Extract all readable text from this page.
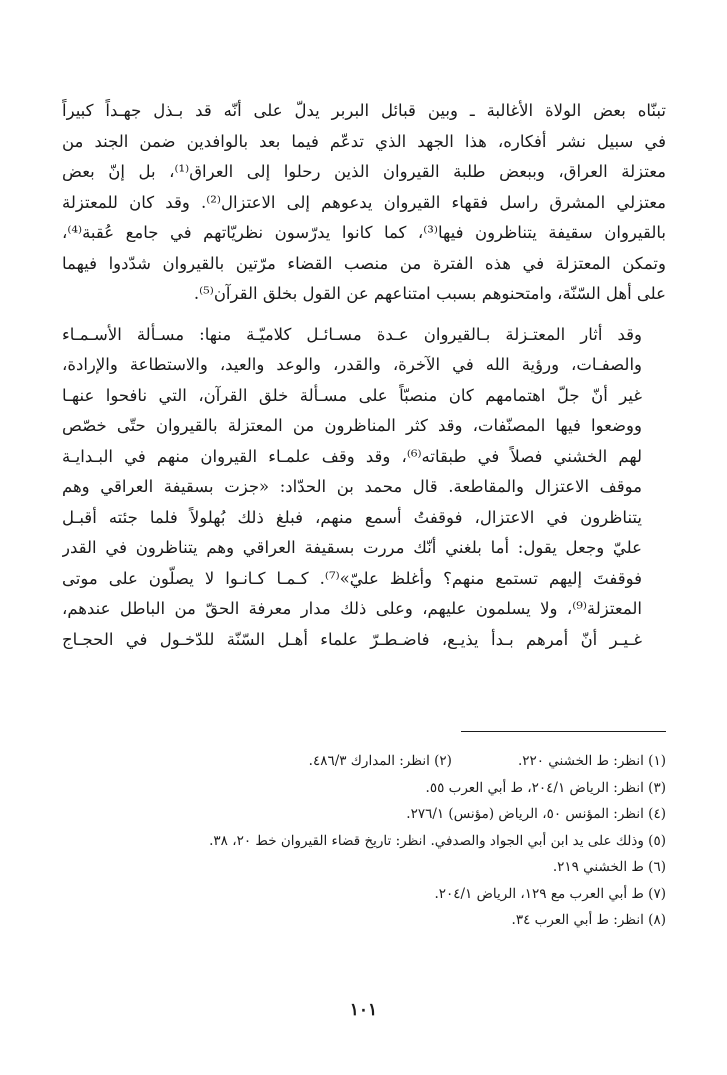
تبنّاه بعض الولاة الأغالبة ـ وبين قبائل البربر يدلّ على أنّه قد بـذل جهـداً كبيراً
في سبيل نشر أفكاره، هذا الجهد الذي تدعّم فيما بعد بالوافدين ضمن الجند من
معتزلة العراق، وببعض طلبة القيروان الذين رحلوا إلى العراق⁽¹⁾، بل إنّ بعض
معتزلي المشرق راسل فقهاء القيروان يدعوهم إلى الاعتزال⁽²⁾. وقد كان للمعتزلة
بالقيروان سقيفة يتناظرون فيها⁽³⁾، كما كانوا يدرّسون نظريّاتهم في جامع عُقبة⁽⁴⁾،
وتمكن المعتزلة في هذه الفترة من منصب القضاء مرّتين بالقيروان شدّدوا فيهما
على أهل السّنّة، وامتحنوهم بسبب امتناعهم عن القول بخلق القرآن⁽⁵⁾.

وقد أثار المعتـزلة بـالقيروان عـدة مسـائـل كلاميّـة منها: مسـألة الأسـمـاء
والصفـات، ورؤية الله في الآخرة، والقدر، والوعد والعيد، والاستطاعة والإرادة،
غير أنّ جلّ اهتمامهم كان منصبّاً على مسـألة خلق القرآن، التي نافحوا عنهـا
ووضعوا فيها المصنّفات، وقد كثر المناظرون من المعتزلة بالقيروان حتّى خصّص
لهم الخشني فصلاً في طبقاته⁽⁶⁾، وقد وقف علمـاء القيروان منهم في البـدايـة
موقف الاعتزال والمقاطعة. قال محمد بن الحدّاد: «جزت بسقيفة العراقي وهم
يتناظرون في الاعتزال، فوقفتُ أسمع منهم، فبلغ ذلك بُهلولاً فلما جئته أقبـل
عليّ وجعل يقول: أما بلغني أنّك مررت بسقيفة العراقي وهم يتناظرون في القدر
فوقفتَ إليهم تستمع منهم؟ وأغلظ عليّ»⁽⁷⁾. كـمـا كـانـوا لا يصلّون على موتى
المعتزلة⁽⁹⁾، ولا يسلمون عليهم، وعلى ذلك مدار معرفة الحقّ من الباطل عندهم،
غـيـر أنّ أمرهم بـدأ يذيـع، فاضـطـرّ علماء أهـل السّنّة للدّخـول في الحجـاج

(١) انظر: ط الخشني ٢٢٠.
(٢) انظر: المدارك ٤٨٦/٣.
(٣) انظر: الرياض ٢٠٤/١، ط أبي العرب ٥٥.
(٤) انظر: المؤنس ٥٠، الرياض (مؤنس) ٢٧٦/١.
(٥) وذلك على يد ابن أبي الجواد والصدفي. انظر: تاريخ قضاء القيروان خط ٢٠، ٣٨.
(٦) ط الخشني ٢١٩.
(٧) ط أبي العرب مع ١٢٩، الرياض ٢٠٤/١.
(٨) انظر: ط أبي العرب ٣٤.
١٠١
